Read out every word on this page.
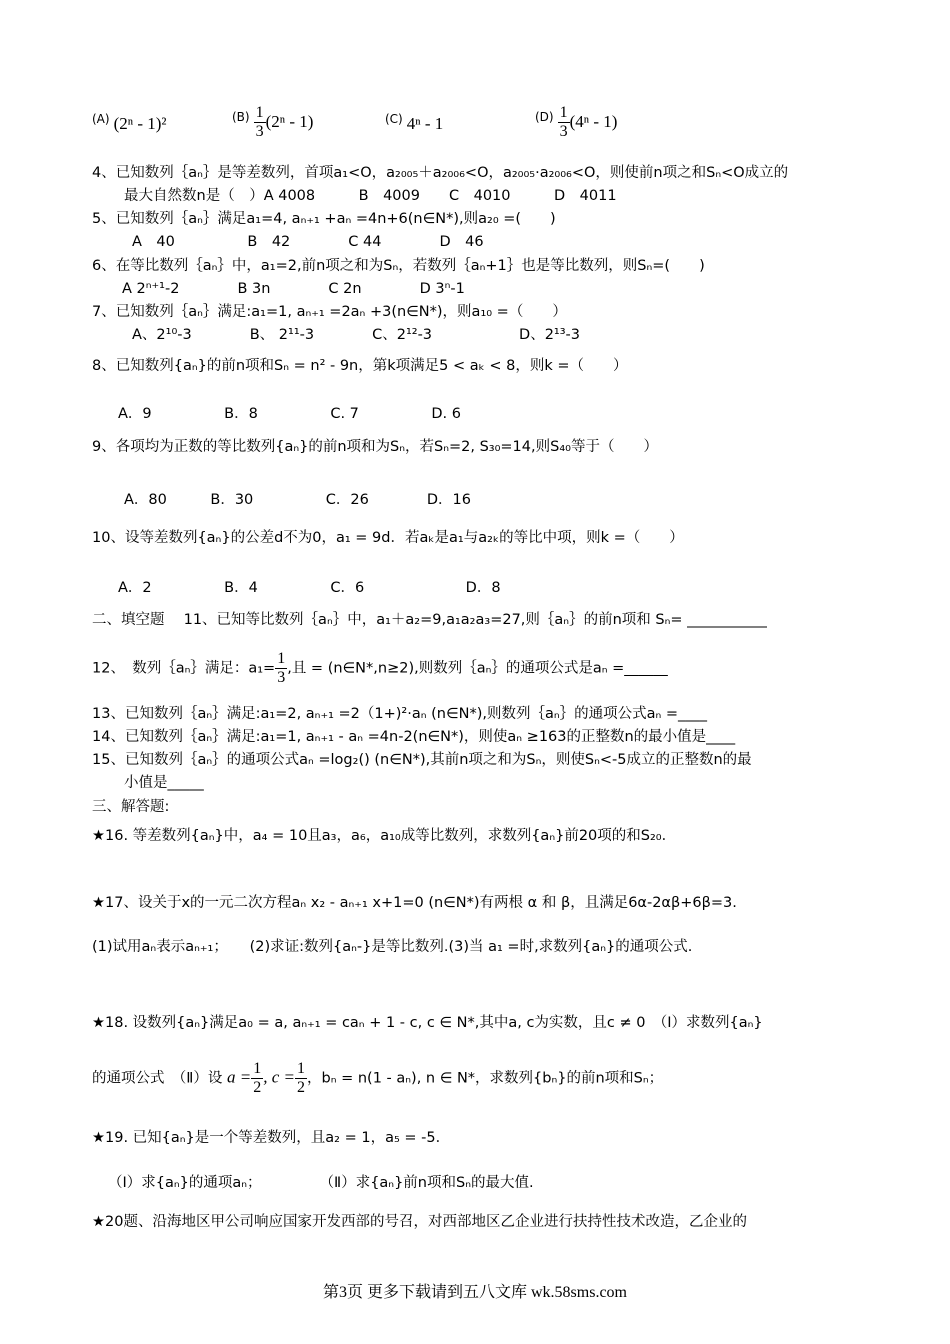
$^{(A)}$ (2ⁿ - 1)²	$^{(B)} \frac{1}{3} (2^n - 1)$	$^{(C)}$ 4ⁿ - 1	$^{(D)} \frac{1}{3} (4^n - 1)$
4、已知数列｛aₙ｝是等差数列，首项a₁<O，a₂₀₀₅＋a₂₀₀₆<O，a₂₀₀₅·a₂₀₀₆<O，则使前n项之和Sₙ<O成立的
最大自然数n是（　）A 4008　　　B　4009　　C　4010　　　D　4011
5、已知数列｛aₙ｝满足a₁=4, aₙ₊₁ +aₙ =4n+6(n∈N*),则a₂₀ =(　　)
A　40　　　　　B　42　　　　C 44　　　　D　46
6、在等比数列｛aₙ｝中，a₁=2,前n项之和为Sₙ，若数列｛aₙ+1｝也是等比数列，则Sₙ=(　　)
A 2ⁿ⁺¹-2　　　　B 3n　　　　C 2n　　　　D 3ⁿ-1
7、已知数列｛aₙ｝满足:a₁=1, aₙ₊₁ =2aₙ +3(n∈N*)，则a₁₀ =（　　）
A、2¹⁰-3　　　　B、 2¹¹-3　　　　C、2¹²-3　　　　　　D、2¹³-3
8、已知数列{aₙ}的前n项和Sₙ = n² - 9n，第k项满足5 < aₖ < 8，则k =（　　）
A．9　　　　　B．8　　　　　C. 7　　　　　D. 6
9、各项均为正数的等比数列{aₙ}的前n项和为Sₙ，若Sₙ=2, S₃₀=14,则S₄₀等于（　　）
A．80　　　B．30　　　　　C．26　　　　D．16
10、设等差数列{aₙ}的公差d不为0，a₁ = 9d．若aₖ是a₁与a₂ₖ的等比中项，则k =（　　）
A．2　　　　　B．4　　　　　C．6　　　　　　　D．8
二、填空题　 11、已知等比数列｛aₙ｝中，a₁＋a₂=9,a₁a₂a₃=27,则｛aₙ｝的前n项和 Sₙ= ___________
12、　数列｛aₙ｝满足：$a_1= \frac{1}{3}$ ,且 = (n∈N*,n≥2),则数列｛aₙ｝的通项公式是aₙ =______
13、已知数列｛aₙ｝满足:a₁=2, aₙ₊₁ =2（1+)²·aₙ (n∈N*),则数列｛aₙ｝的通项公式aₙ =____
14、已知数列｛aₙ｝满足:a₁=1, aₙ₊₁ - aₙ =4n-2(n∈N*)，则使aₙ ≥163的正整数n的最小值是____
15、已知数列｛aₙ｝的通项公式aₙ =log₂() (n∈N*),其前n项之和为Sₙ，则使Sₙ<-5成立的正整数n的最
小值是_____
三、解答题:
★16. 等差数列{aₙ}中，a₄ = 10且a₃，a₆，a₁₀成等比数列，求数列{aₙ}前20项的和S₂₀．
★17、设关于x的一元二次方程aₙ x₂ - aₙ₊₁ x+1=0 (n∈N*)有两根 α 和 β，且满足6α-2αβ+6β=3.
(1)试用aₙ表示aₙ₊₁；　　(2)求证:数列{aₙ-}是等比数列.(3)当 a₁ =时,求数列{aₙ}的通项公式.
★18. 设数列{aₙ}满足a₀ = a, aₙ₊₁ = caₙ + 1 - c, c ∈ N*,其中a, c为实数，且c ≠ 0　（Ⅰ）求数列{aₙ}
的通项公式　（Ⅱ）设 $a = \frac{1}{2}$ , $c = \frac{1}{2}$ ，bₙ = n(1 - aₙ), n ∈ N*，求数列{bₙ}的前n项和Sₙ；
★19. 已知{aₙ}是一个等差数列，且a₂ = 1，a₅ = -5．
（Ⅰ）求{aₙ}的通项aₙ；　　　　　（Ⅱ）求{aₙ}前n项和Sₙ的最大值.
★20题、沿海地区甲公司响应国家开发西部的号召，对西部地区乙企业进行扶持性技术改造，乙企业的
第3页 更多下载请到五八文库 wk.58sms.com
